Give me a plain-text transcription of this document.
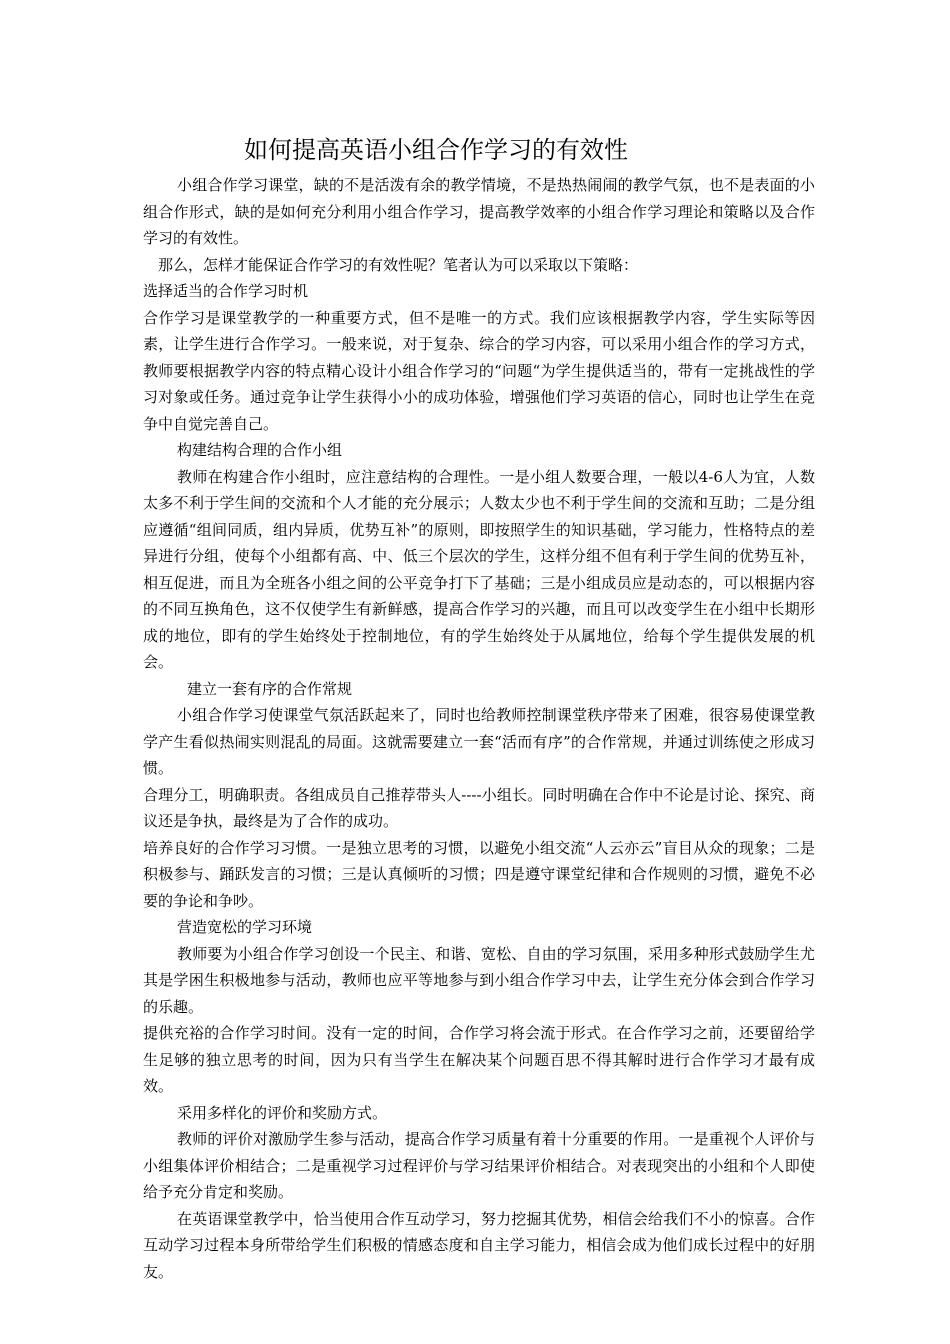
如何提高英语小组合作学习的有效性

小组合作学习课堂，缺的不是活泼有余的教学情境，不是热热闹闹的教学气氛，也不是表面的小组合作形式，缺的是如何充分利用小组合作学习，提高教学效率的小组合作学习理论和策略以及合作学习的有效性。

那么，怎样才能保证合作学习的有效性呢？笔者认为可以采取以下策略：

选择适当的合作学习时机

合作学习是课堂教学的一种重要方式，但不是唯一的方式。我们应该根据教学内容，学生实际等因素，让学生进行合作学习。一般来说，对于复杂、综合的学习内容，可以采用小组合作的学习方式，教师要根据教学内容的特点精心设计小组合作学习的“问题“为学生提供适当的，带有一定挑战性的学习对象或任务。通过竞争让学生获得小小的成功体验，增强他们学习英语的信心，同时也让学生在竞争中自觉完善自己。

构建结构合理的合作小组

教师在构建合作小组时，应注意结构的合理性。一是小组人数要合理，一般以4-6人为宜，人数太多不利于学生间的交流和个人才能的充分展示；人数太少也不利于学生间的交流和互助；二是分组应遵循“组间同质，组内异质，优势互补”的原则，即按照学生的知识基础，学习能力，性格特点的差异进行分组，使每个小组都有高、中、低三个层次的学生，这样分组不但有利于学生间的优势互补，相互促进，而且为全班各小组之间的公平竞争打下了基础；三是小组成员应是动态的，可以根据内容的不同互换角色，这不仅使学生有新鲜感，提高合作学习的兴趣，而且可以改变学生在小组中长期形成的地位，即有的学生始终处于控制地位，有的学生始终处于从属地位，给每个学生提供发展的机会。

建立一套有序的合作常规

小组合作学习使课堂气氛活跃起来了，同时也给教师控制课堂秩序带来了困难，很容易使课堂教学产生看似热闹实则混乱的局面。这就需要建立一套“活而有序”的合作常规，并通过训练使之形成习惯。

合理分工，明确职责。各组成员自己推荐带头人----小组长。同时明确在合作中不论是讨论、探究、商议还是争执，最终是为了合作的成功。

培养良好的合作学习习惯。一是独立思考的习惯，以避免小组交流“人云亦云”盲目从众的现象；二是积极参与、踊跃发言的习惯；三是认真倾听的习惯；四是遵守课堂纪律和合作规则的习惯，避免不必要的争论和争吵。

营造宽松的学习环境

教师要为小组合作学习创设一个民主、和谐、宽松、自由的学习氛围，采用多种形式鼓励学生尤其是学困生积极地参与活动，教师也应平等地参与到小组合作学习中去，让学生充分体会到合作学习的乐趣。

提供充裕的合作学习时间。没有一定的时间，合作学习将会流于形式。在合作学习之前，还要留给学生足够的独立思考的时间，因为只有当学生在解决某个问题百思不得其解时进行合作学习才最有成效。

采用多样化的评价和奖励方式。

教师的评价对激励学生参与活动，提高合作学习质量有着十分重要的作用。一是重视个人评价与小组集体评价相结合；二是重视学习过程评价与学习结果评价相结合。对表现突出的小组和个人即使给予充分肯定和奖励。

在英语课堂教学中，恰当使用合作互动学习，努力挖掘其优势，相信会给我们不小的惊喜。合作互动学习过程本身所带给学生们积极的情感态度和自主学习能力，相信会成为他们成长过程中的好朋友。
